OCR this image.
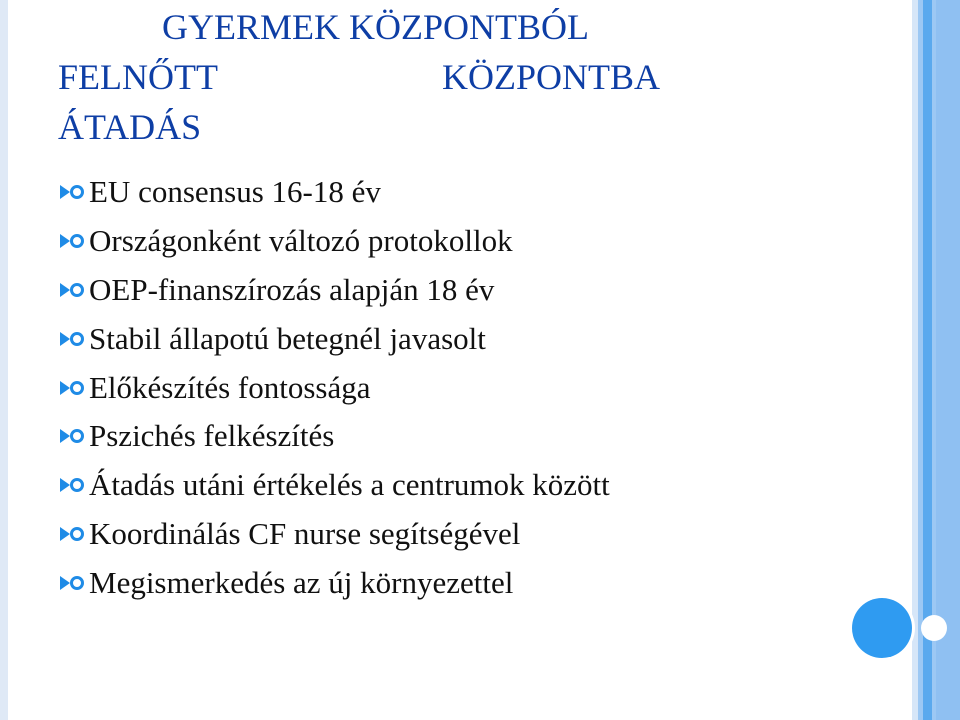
GYERMEK KÖZPONTBÓL
FELNŐTT	KÖZPONTBA
ÁTADÁS
EU consensus 16-18 év
Országonként változó protokollok
OEP-finanszírozás alapján 18 év
Stabil állapotú betegnél javasolt
Előkészítés fontossága
Pszichés felkészítés
Átadás utáni értékelés a centrumok között
Koordinálás CF nurse segítségével
Megismerkedés az új környezettel
